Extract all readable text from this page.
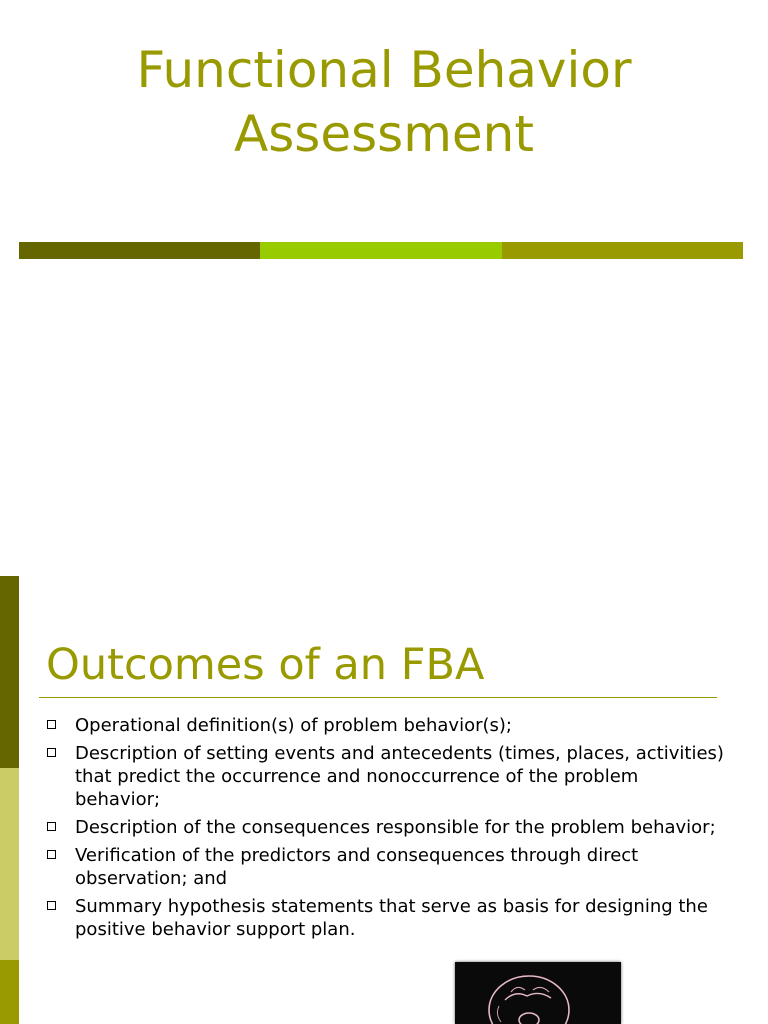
Functional Behavior
Assessment
Outcomes of an FBA
Operational definition(s) of problem behavior(s);
Description of setting events and antecedents (times, places, activities) that predict the occurrence and nonoccurrence of the problem behavior;
Description of the consequences responsible for the problem behavior;
Verification of the predictors and consequences through direct observation; and
Summary hypothesis statements that serve as basis for designing the positive behavior support plan.
